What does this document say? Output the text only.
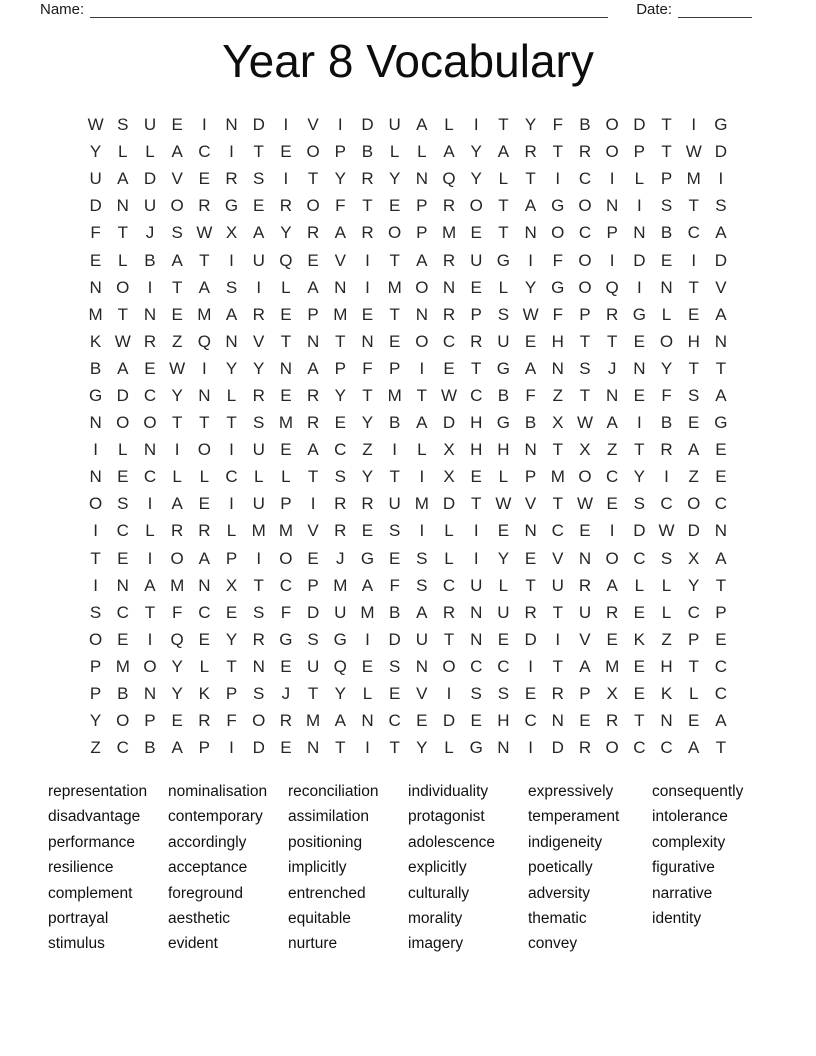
Name:	Date:
Year 8 Vocabulary
W S U E	I	N D	I	V	I	D U A L	I	T Y F B O D T	I	G
Y L	L A C	I	T E O P B L	L A Y A R T R O P T W D
U A D V E R S	I	T Y R Y N Q Y L	T	I	C	I	L P M	I
D N U O R G E R O F T E P R O T A G O N	I	S T S
F T	J	S W X A Y R A R O P M E T N O C P N B C A
E L B A T	I	U Q E V	I	T A R U G	I	F O	I	D E	I	D
N O	I	T A S	I	L A N	I	M O N E L Y G O Q	I	N T V
M T N E M A R E P M E T N R P S W F P R G L E A
K W R Z Q N V T N T N E O C R U E H T T E O H N
B A E W I	Y Y N A P F P	I	E T G A N S	J N Y T T
G D C Y N L R E R Y T M T W C B F Z T N E F S A
N O O T T T S M R E Y B A D H G B X W A	I	B E G
I	L N	I	O	I	U E A C Z	I	L X H H N T X Z T R A E
N E C L	L C L	L	T S Y T	I	X E L P M O C Y	I	Z E
O S	I	A E	I	U P	I	R R U M D T W V T W E S C O C
I	C L R R L M M V R E S	I	L	I	E N C E	I	D W D N
T E	I	O A P	I	O E	J G E S L	I	Y E V N O C S X A
I	N A M N X T C P M A F S C U L	T U R A L	L Y T
S C T F C E S F D U M B A R N U R T U R E L C P
O E	I	Q E Y R G S G	I	D U T N E D	I	V E K Z P E
P M O Y L	T N E U Q E S N O C C	I	T A M E H T C
P B N Y K P S	J	T Y L E V	I	S S E R P X E K L C
Y O P E R F O R M A N C E D E H C N E R T N E A
Z C B A P	I	D E N T	I	T Y L G N	I	D R O C C A T
representation
disadvantage
performance
resilience
complement
portrayal
stimulus
nominalisation
contemporary
accordingly
acceptance
foreground
aesthetic
evident
reconciliation
assimilation
positioning
implicitly
entrenched
equitable
nurture
individuality
protagonist
adolescence
explicitly
culturally
morality
imagery
expressively
temperament
indigeneity
poetically
adversity
thematic
convey
consequently
intolerance
complexity
figurative
narrative
identity
